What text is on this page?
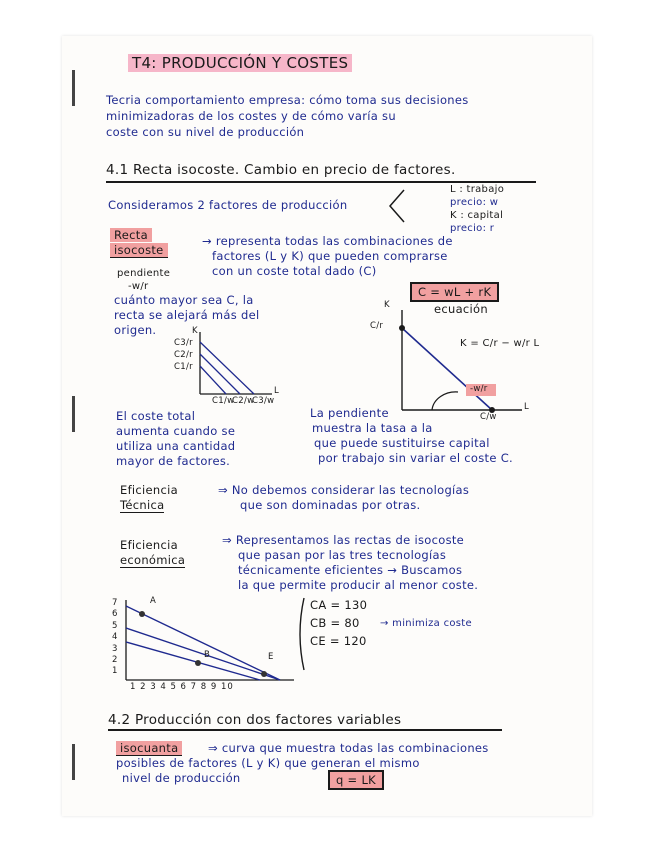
T4: PRODUCCIÓN Y COSTES
Tecria comportamiento empresa: cómo toma sus decisiones
minimizadoras de los costes y de cómo varía su
coste con su nivel de producción
4.1 Recta isocoste. Cambio en precio de factores.
Consideramos 2 factores de producción
L : trabajo
precio: w
K : capital
precio: r
Recta
isocoste
→ representa todas las combinaciones de
factores (L y K) que pueden comprarse
con un coste total dado (C)
pendiente
-w/r	C = wL + rK
ecuación
cuánto mayor sea C, la
recta se alejará más del
origen.	K
C3/r
C2/r
C1/r
C1/w
C2/w
C3/w
L
K
C/r
-w/r
C/w
L
K = C/r − w/r L
El coste total
aumenta cuando se
utiliza una cantidad
mayor de factores.
La pendiente
muestra la tasa a la
que puede sustituirse capital
por trabajo sin variar el coste C.
Eficiencia
Técnica
⇒ No debemos considerar las tecnologías
que son dominadas por otras.
Eficiencia
económica
⇒ Representamos las rectas de isocoste
que pasan por las tres tecnologías
técnicamente eficientes → Buscamos
la que permite producir al menor coste.
7
6
5
4
3
2
1
1 2 3 4 5 6 7 8 9 10
A
B	E
CA = 130
CB = 80 → minimiza coste
CE = 120
4.2 Producción con dos factores variables
isocuanta	⇒ curva que muestra todas las combinaciones
posibles de factores (L y K) que generan el mismo
nivel de producción	q = LK
